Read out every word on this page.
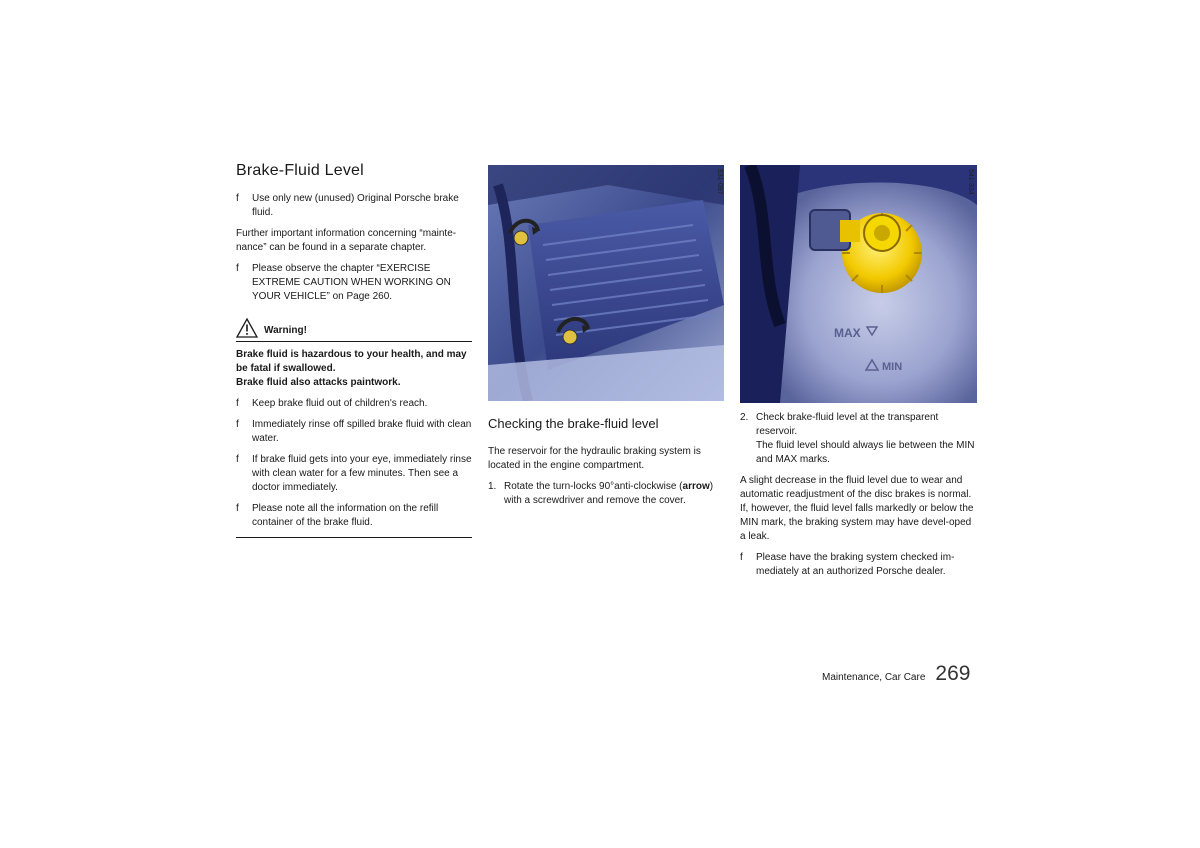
Brake-Fluid Level
f Use only new (unused) Original Porsche brake fluid.

Further important information concerning “mainte-nance” can be found in a separate chapter.

f Please observe the chapter “EXERCISE EXTREME CAUTION WHEN WORKING ON YOUR VEHICLE” on Page 260.
Warning!
Brake fluid is hazardous to your health, and may be fatal if swallowed.
Brake fluid also attacks paintwork.
f Keep brake fluid out of children's reach.
f Immediately rinse off spilled brake fluid with clean water.
f If brake fluid gets into your eye, immediately rinse with clean water for a few minutes. Then see a doctor immediately.
f Please note all the information on the refill container of the brake fluid.
531-097
Checking the brake-fluid level

The reservoir for the hydraulic braking system is located in the engine compartment.

1. Rotate the turn-locks 90°anti-clockwise (arrow) with a screwdriver and remove the cover.
MAX
MIN
541-334
2. Check brake-fluid level at the transparent reservoir.
The fluid level should always lie between the MIN and MAX marks.

A slight decrease in the fluid level due to wear and automatic readjustment of the disc brakes is normal.

If, however, the fluid level falls markedly or below the MIN mark, the braking system may have devel-oped a leak.

f Please have the braking system checked im-mediately at an authorized Porsche dealer.
Maintenance, Car Care 269
